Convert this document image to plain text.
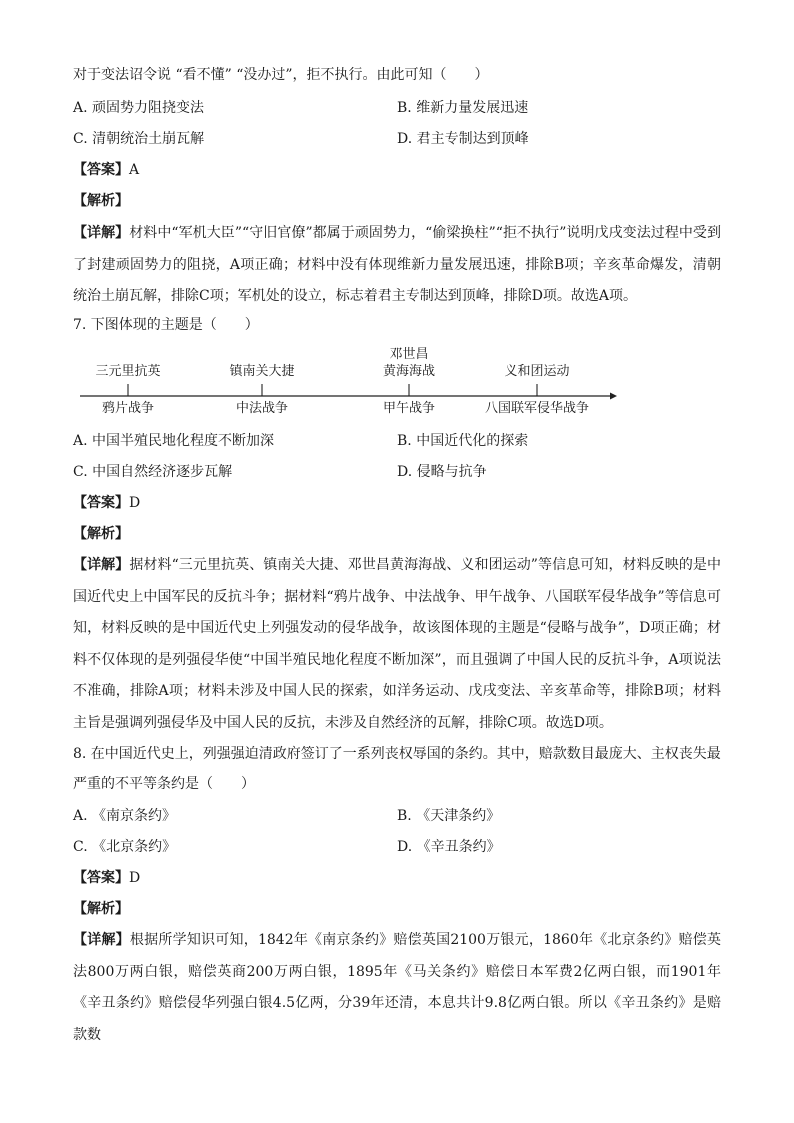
对于变法诏令说 “看不懂” “没办过”，拒不执行。由此可知（　　）
A. 顽固势力阻挠变法	B. 维新力量发展迅速
C. 清朝统治土崩瓦解	D. 君主专制达到顶峰
【答案】A
【解析】
【详解】材料中“军机大臣”“守旧官僚”都属于顽固势力，“偷梁换柱”“拒不执行”说明戊戌变法过程中受到了封建顽固势力的阻挠，A项正确；材料中没有体现维新力量发展迅速，排除B项；辛亥革命爆发，清朝统治土崩瓦解，排除C项；军机处的设立，标志着君主专制达到顶峰，排除D项。故选A项。
7. 下图体现的主题是（　　）
三元里抗英	镇南关大捷
邓世昌
黄海海战	义和团运动
鸦片战争	中法战争	甲午战争	八国联军侵华战争
A. 中国半殖民地化程度不断加深	B. 中国近代化的探索
C. 中国自然经济逐步瓦解	D. 侵略与抗争
【答案】D
【解析】
【详解】据材料“三元里抗英、镇南关大捷、邓世昌黄海海战、义和团运动”等信息可知，材料反映的是中国近代史上中国军民的反抗斗争；据材料“鸦片战争、中法战争、甲午战争、八国联军侵华战争”等信息可知，材料反映的是中国近代史上列强发动的侵华战争，故该图体现的主题是“侵略与战争”，D项正确；材料不仅体现的是列强侵华使“中国半殖民地化程度不断加深”，而且强调了中国人民的反抗斗争，A项说法不准确，排除A项；材料未涉及中国人民的探索，如洋务运动、戊戌变法、辛亥革命等，排除B项；材料主旨是强调列强侵华及中国人民的反抗，未涉及自然经济的瓦解，排除C项。故选D项。
8. 在中国近代史上，列强强迫清政府签订了一系列丧权辱国的条约。其中，赔款数目最庞大、主权丧失最
严重的不平等条约是（　　）
A. 《南京条约》	B. 《天津条约》
C. 《北京条约》	D. 《辛丑条约》
【答案】D
【解析】
【详解】根据所学知识可知，1842年《南京条约》赔偿英国2100万银元，1860年《北京条约》赔偿英法800万两白银，赔偿英商200万两白银，1895年《马关条约》赔偿日本军费2亿两白银，而1901年《辛丑条约》赔偿侵华列强白银4.5亿两，分39年还清，本息共计9.8亿两白银。所以《辛丑条约》是赔款数
